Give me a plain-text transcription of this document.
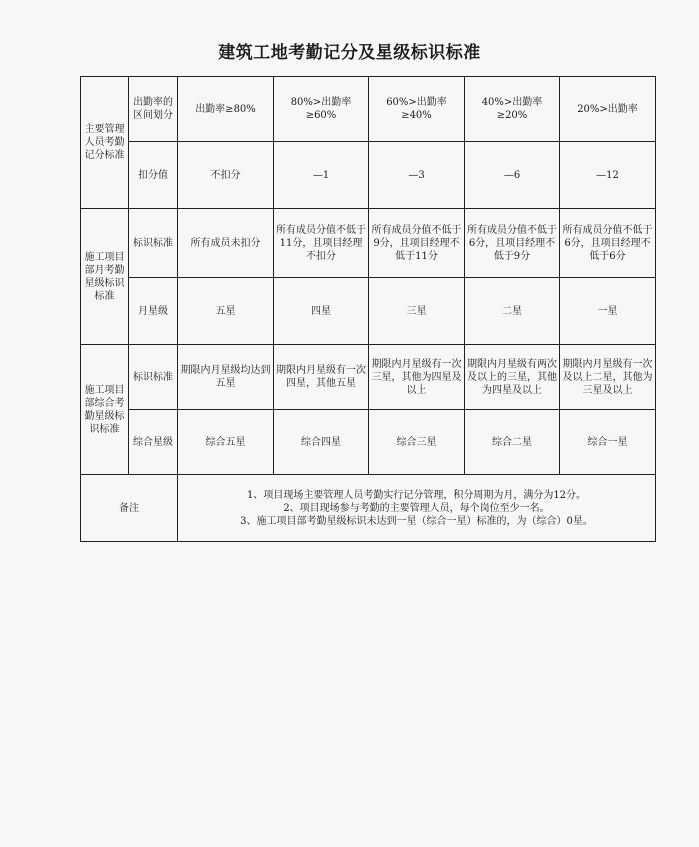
建筑工地考勤记分及星级标识标准
主要管理人员考勤记分标准	出勤率的区间划分	出勤率≥80%	80%>出勤率≥60%	60%>出勤率≥40%	40%>出勤率≥20%	20%>出勤率
	扣分值	不扣分	—1	—3	—6	—12
施工项目部月考勤星级标识标准	标识标准	所有成员未扣分	所有成员分值不低于11分，且项目经理不扣分	所有成员分值不低于9分，且项目经理不低于11分	所有成员分值不低于6分，且项目经理不低于9分	所有成员分值不低于6分，且项目经理不低于6分
	月星级	五星	四星	三星	二星	一星
施工项目部综合考勤星级标识标准	标识标准	期限内月星级均达到五星	期限内月星级有一次四星，其他五星	期限内月星级有一次三星，其他为四星及以上	期限内月星级有两次及以上的三星，其他为四星及以上	期限内月星级有一次及以上二星，其他为三星及以上
	综合星级	综合五星	综合四星	综合三星	综合二星	综合一星
备注		1、项目现场主要管理人员考勤实行记分管理，积分周期为月，满分为12分。
2、项目现场参与考勤的主要管理人员，每个岗位至少一名。
3、施工项目部考勤星级标识未达到一星（综合一星）标准的，为（综合）0星。				
